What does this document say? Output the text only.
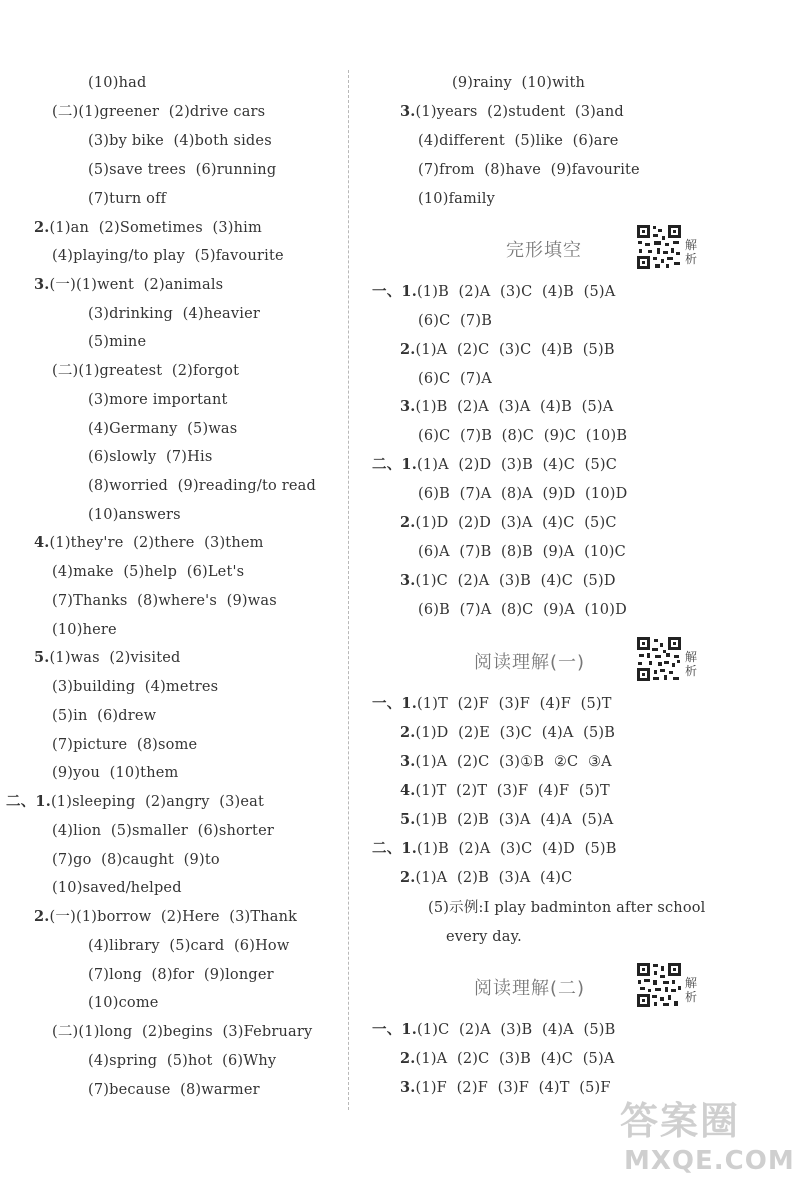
(10)had
(二)(1)greener  (2)drive cars
(3)by bike  (4)both sides
(5)save trees  (6)running
(7)turn off
2.(1)an  (2)Sometimes  (3)him
(4)playing/to play  (5)favourite
3.(一)(1)went  (2)animals
(3)drinking  (4)heavier
(5)mine
(二)(1)greatest  (2)forgot
(3)more important
(4)Germany  (5)was
(6)slowly  (7)His
(8)worried  (9)reading/to read
(10)answers
4.(1)they're  (2)there  (3)them
(4)make  (5)help  (6)Let's
(7)Thanks  (8)where's  (9)was
(10)here
5.(1)was  (2)visited
(3)building  (4)metres
(5)in  (6)drew
(7)picture  (8)some
(9)you  (10)them
二、1.(1)sleeping  (2)angry  (3)eat
(4)lion  (5)smaller  (6)shorter
(7)go  (8)caught  (9)to
(10)saved/helped
2.(一)(1)borrow  (2)Here  (3)Thank
(4)library  (5)card  (6)How
(7)long  (8)for  (9)longer
(10)come
(二)(1)long  (2)begins  (3)February
(4)spring  (5)hot  (6)Why
(7)because  (8)warmer
(9)rainy  (10)with
3.(1)years  (2)student  (3)and
(4)different  (5)like  (6)are
(7)from  (8)have  (9)favourite
(10)family
完形填空	解析
一、1.(1)B  (2)A  (3)C  (4)B  (5)A
(6)C  (7)B
2.(1)A  (2)C  (3)C  (4)B  (5)B
(6)C  (7)A
3.(1)B  (2)A  (3)A  (4)B  (5)A
(6)C  (7)B  (8)C  (9)C  (10)B
二、1.(1)A  (2)D  (3)B  (4)C  (5)C
(6)B  (7)A  (8)A  (9)D  (10)D
2.(1)D  (2)D  (3)A  (4)C  (5)C
(6)A  (7)B  (8)B  (9)A  (10)C
3.(1)C  (2)A  (3)B  (4)C  (5)D
(6)B  (7)A  (8)C  (9)A  (10)D
阅读理解(一)	解析
一、1.(1)T  (2)F  (3)F  (4)F  (5)T
2.(1)D  (2)E  (3)C  (4)A  (5)B
3.(1)A  (2)C  (3)①B  ②C  ③A
4.(1)T  (2)T  (3)F  (4)F  (5)T
5.(1)B  (2)B  (3)A  (4)A  (5)A
二、1.(1)B  (2)A  (3)C  (4)D  (5)B
2.(1)A  (2)B  (3)A  (4)C
(5)示例:I play badminton after school
every day.
阅读理解(二)	解析
一、1.(1)C  (2)A  (3)B  (4)A  (5)B
2.(1)A  (2)C  (3)B  (4)C  (5)A
3.(1)F  (2)F  (3)F  (4)T  (5)F
答案圈
MXQE.COM
